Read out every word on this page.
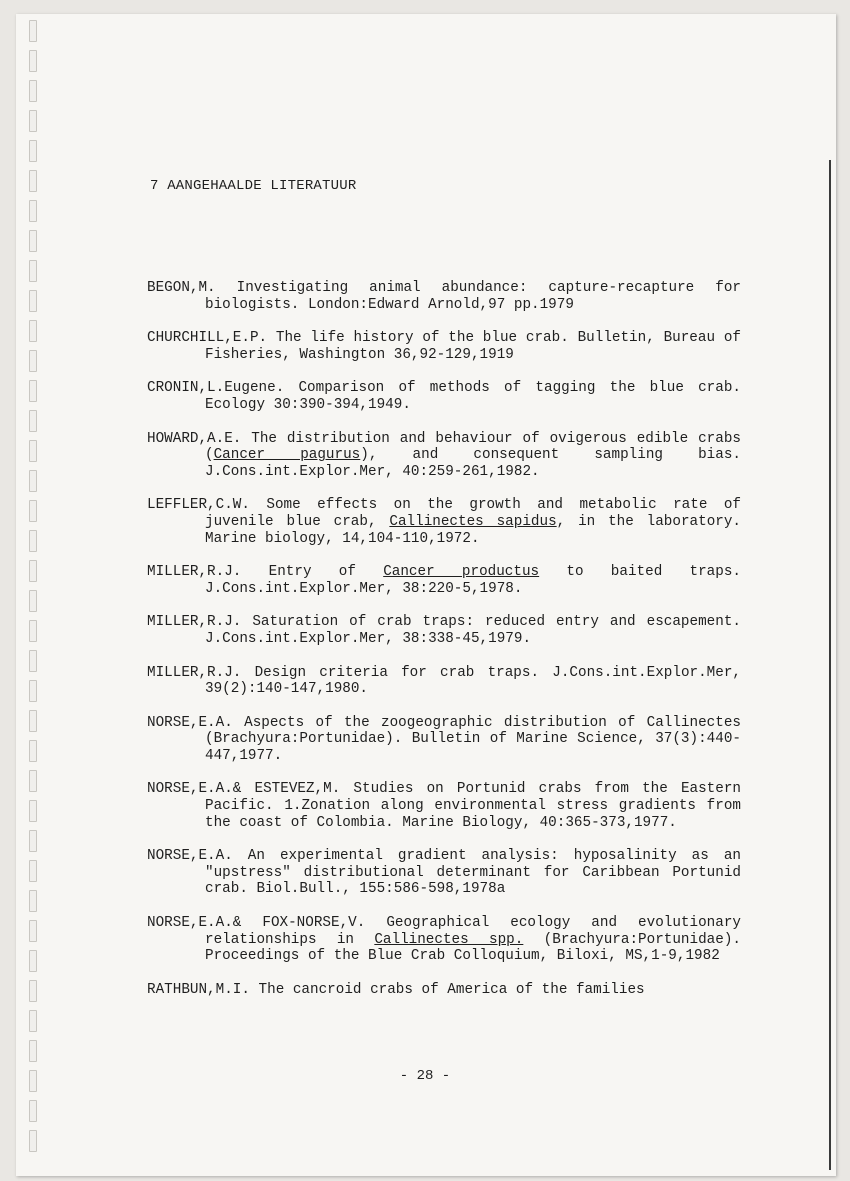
7 AANGEHAALDE LITERATUUR
BEGON,M. Investigating animal abundance: capture-recapture for biologists. London:Edward Arnold,97 pp.1979
CHURCHILL,E.P. The life history of the blue crab. Bulletin, Bureau of Fisheries, Washington 36,92-129,1919
CRONIN,L.Eugene. Comparison of methods of tagging the blue crab. Ecology 30:390-394,1949.
HOWARD,A.E. The distribution and behaviour of ovigerous edible crabs (Cancer pagurus), and consequent sampling bias. J.Cons.int.Explor.Mer, 40:259-261,1982.
LEFFLER,C.W. Some effects on the growth and metabolic rate of juvenile blue crab, Callinectes sapidus, in the laboratory. Marine biology, 14,104-110,1972.
MILLER,R.J. Entry of Cancer productus to baited traps. J.Cons.int.Explor.Mer, 38:220-5,1978.
MILLER,R.J. Saturation of crab traps: reduced entry and escapement. J.Cons.int.Explor.Mer, 38:338-45,1979.
MILLER,R.J. Design criteria for crab traps. J.Cons.int.Explor.Mer, 39(2):140-147,1980.
NORSE,E.A. Aspects of the zoogeographic distribution of Callinectes (Brachyura:Portunidae). Bulletin of Marine Science, 37(3):440-447,1977.
NORSE,E.A.& ESTEVEZ,M. Studies on Portunid crabs from the Eastern Pacific. 1.Zonation along environmental stress gradients from the coast of Colombia. Marine Biology, 40:365-373,1977.
NORSE,E.A. An experimental gradient analysis: hyposalinity as an "upstress" distributional determinant for Caribbean Portunid crab. Biol.Bull., 155:586-598,1978a
NORSE,E.A.& FOX-NORSE,V. Geographical ecology and evolutionary relationships in Callinectes spp. (Brachyura:Portunidae). Proceedings of the Blue Crab Colloquium, Biloxi, MS,1-9,1982
RATHBUN,M.I. The cancroid crabs of America of the families
- 28 -
